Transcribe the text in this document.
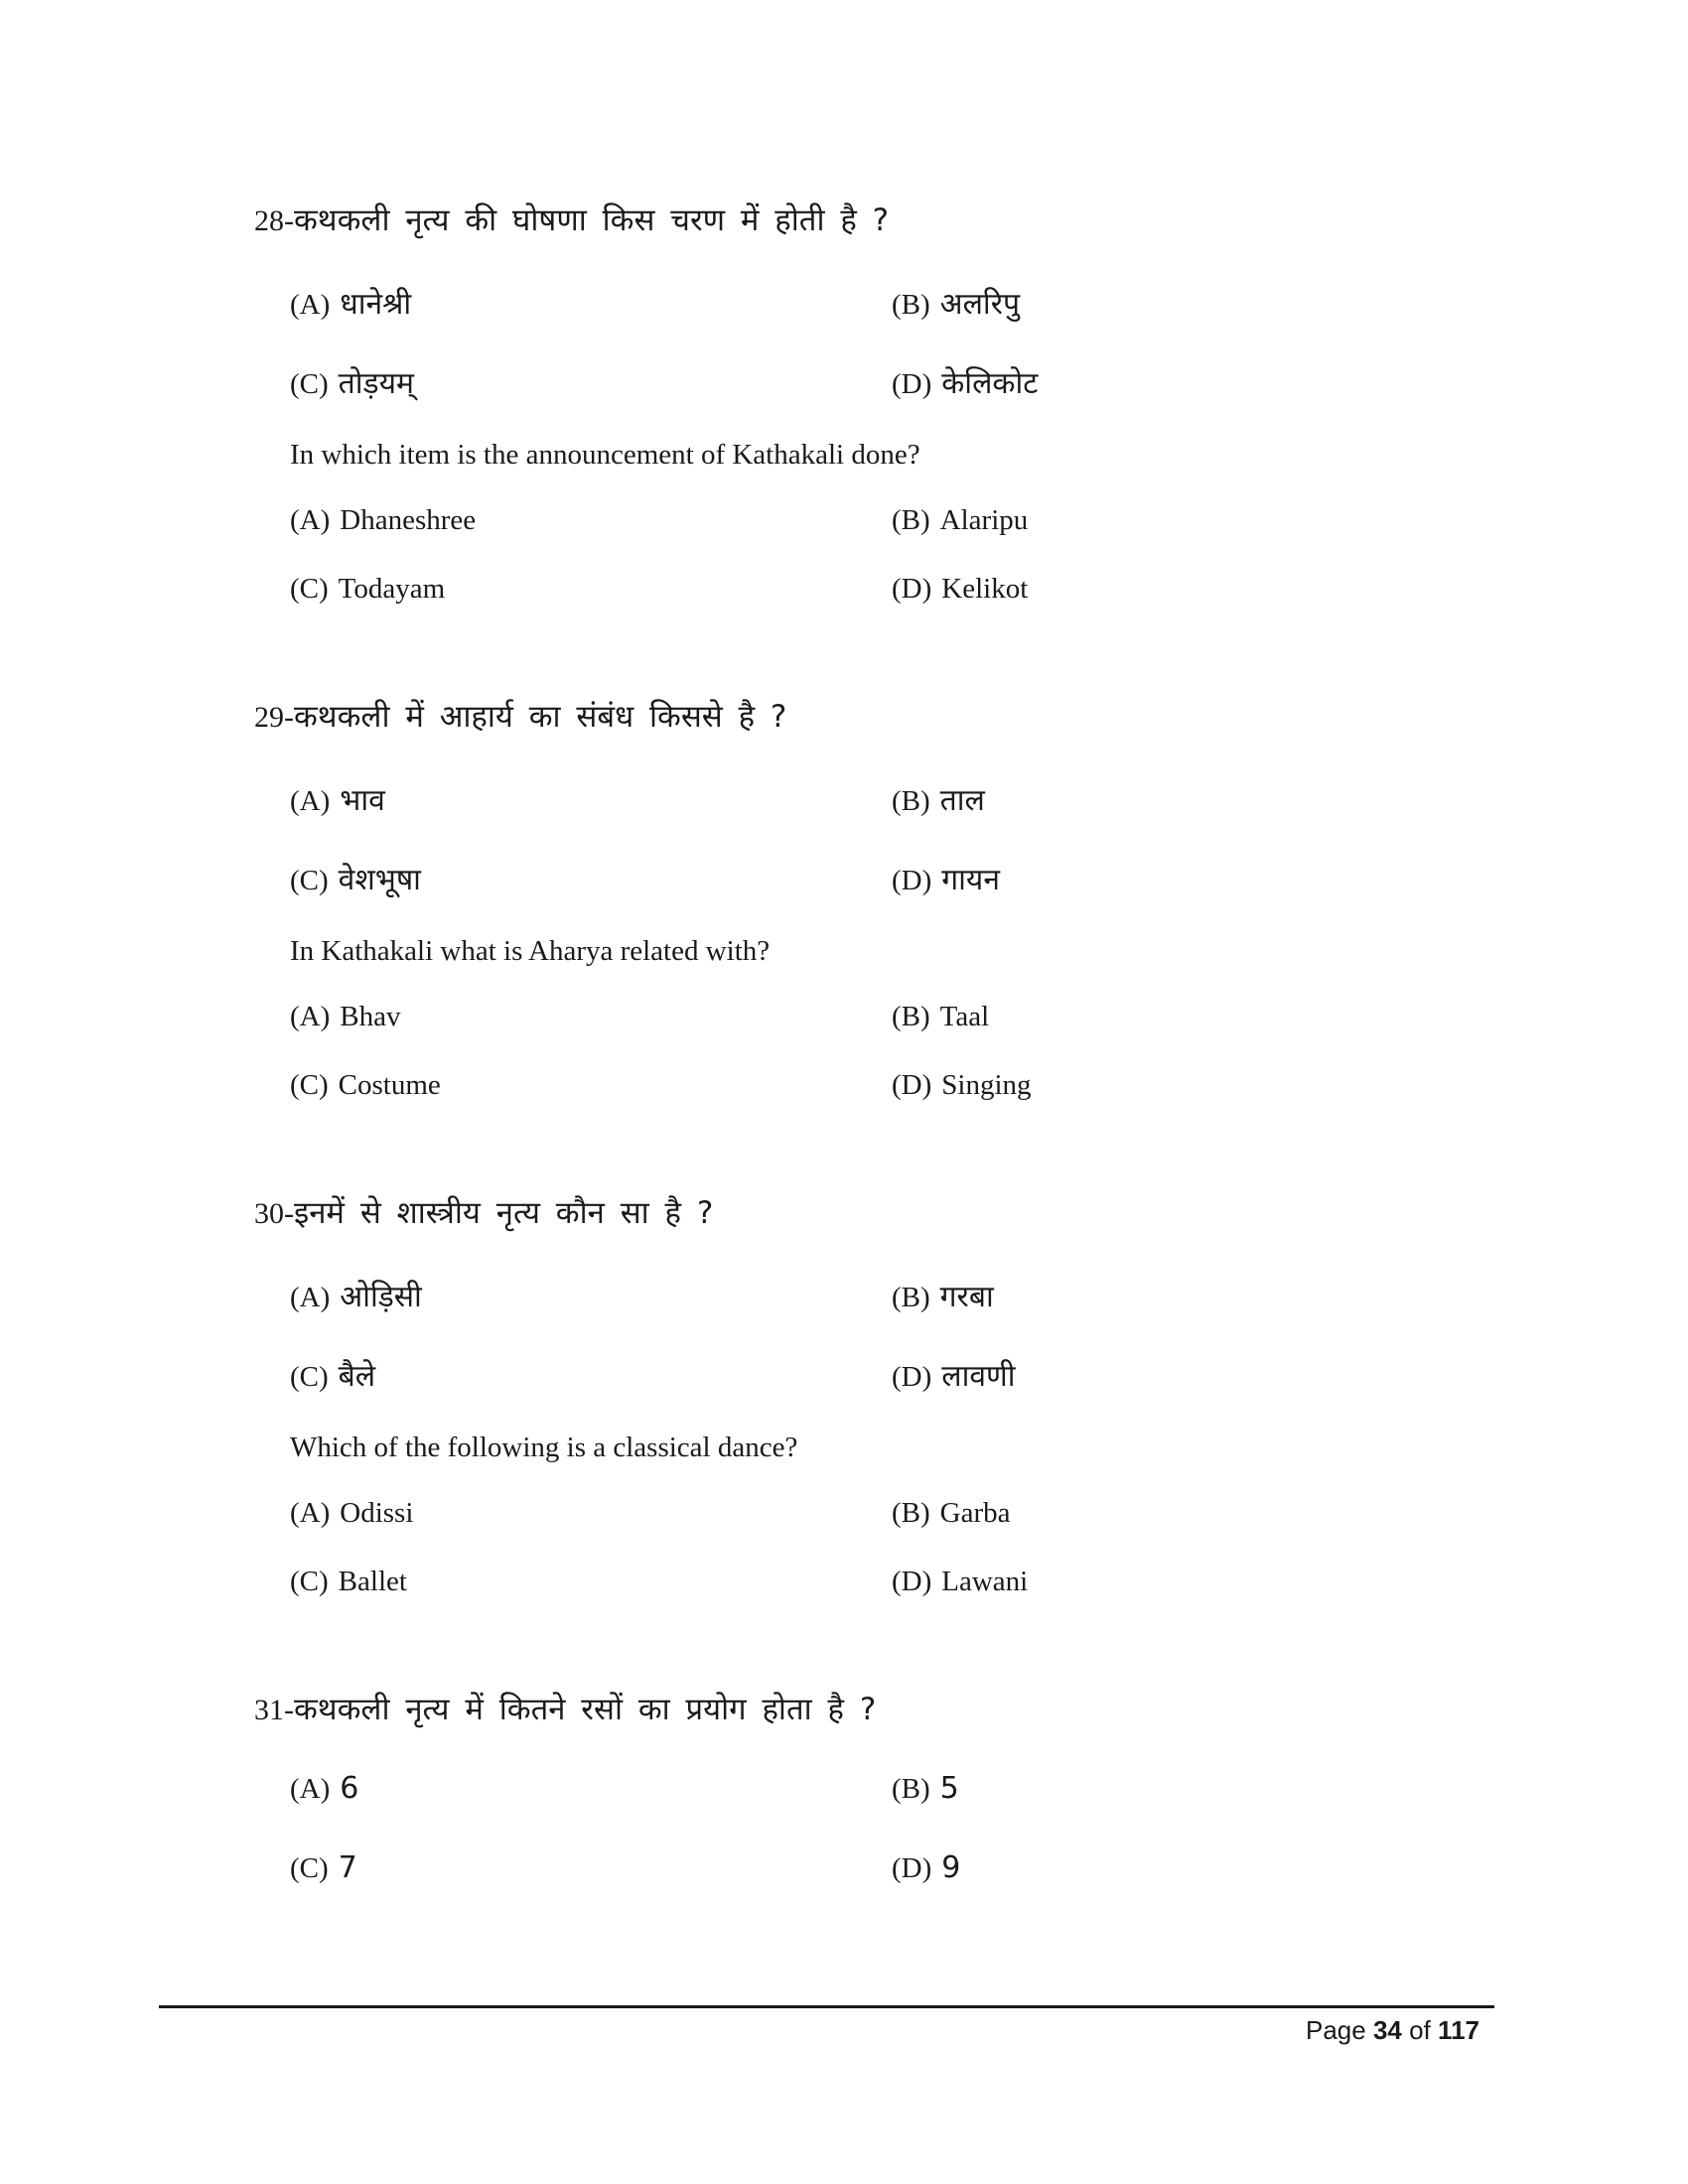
28-कथकली नृत्य की घोषणा किस चरण में होती है ?
(A) धानेश्री	(B) अलरिपु
(C) तोड़यम्	(D) केलिकोट
In which item is the announcement of Kathakali done?
(A) Dhaneshree	(B) Alaripu
(C) Todayam	(D) Kelikot
29-कथकली में आहार्य का संबंध किससे है ?
(A) भाव	(B) ताल
(C) वेशभूषा	(D) गायन
In Kathakali what is Aharya related with?
(A) Bhav	(B) Taal
(C) Costume	(D) Singing
30-इनमें से शास्त्रीय नृत्य कौन सा है ?
(A) ओड़िसी	(B) गरबा
(C) बैले	(D) लावणी
Which of the following is a classical dance?
(A) Odissi	(B) Garba
(C) Ballet	(D) Lawani
31-कथकली नृत्य में कितने रसों का प्रयोग होता है ?
(A) 6	(B) 5
(C) 7	(D) 9
Page 34 of 117
